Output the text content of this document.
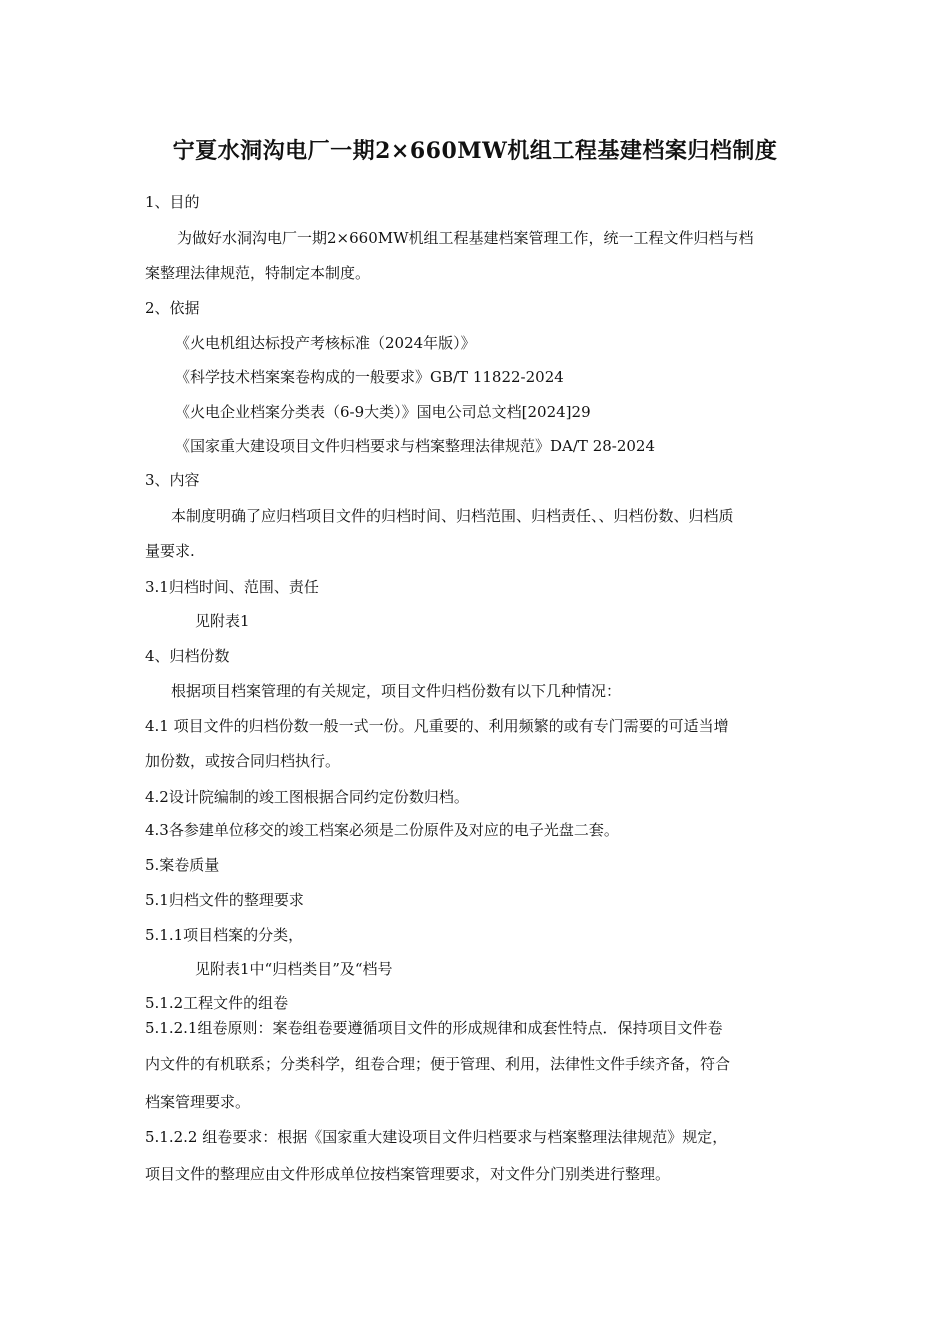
宁夏水洞沟电厂一期2×660MW机组工程基建档案归档制度
1、目的
为做好水洞沟电厂一期2×660MW机组工程基建档案管理工作，统一工程文件归档与档
案整理法律规范，特制定本制度。
2、依据
《火电机组达标投产考核标准（2024年版）》
《科学技术档案案卷构成的一般要求》GB/T 11822-2024
《火电企业档案分类表（6-9大类）》国电公司总文档[2024]29
《国家重大建设项目文件归档要求与档案整理法律规范》DA/T 28-2024
3、内容
本制度明确了应归档项目文件的归档时间、归档范围、归档责任、、归档份数、归档质
量要求.
3.1归档时间、范围、责任
见附表1
4、归档份数
根据项目档案管理的有关规定，项目文件归档份数有以下几种情况：
4.1 项目文件的归档份数一般一式一份。凡重要的、利用频繁的或有专门需要的可适当增
加份数，或按合同归档执行。
4.2设计院编制的竣工图根据合同约定份数归档。
4.3各参建单位移交的竣工档案必须是二份原件及对应的电子光盘二套。
5.案卷质量
5.1归档文件的整理要求
5.1.1项目档案的分类，
见附表1中“归档类目”及“档号
5.1.2工程文件的组卷
5.1.2.1组卷原则：案卷组卷要遵循项目文件的形成规律和成套性特点．保持项目文件卷
内文件的有机联系；分类科学，组卷合理；便于管理、利用，法律性文件手续齐备，符合
档案管理要求。
5.1.2.2 组卷要求：根据《国家重大建设项目文件归档要求与档案整理法律规范》规定，
项目文件的整理应由文件形成单位按档案管理要求，对文件分门别类进行整理。
